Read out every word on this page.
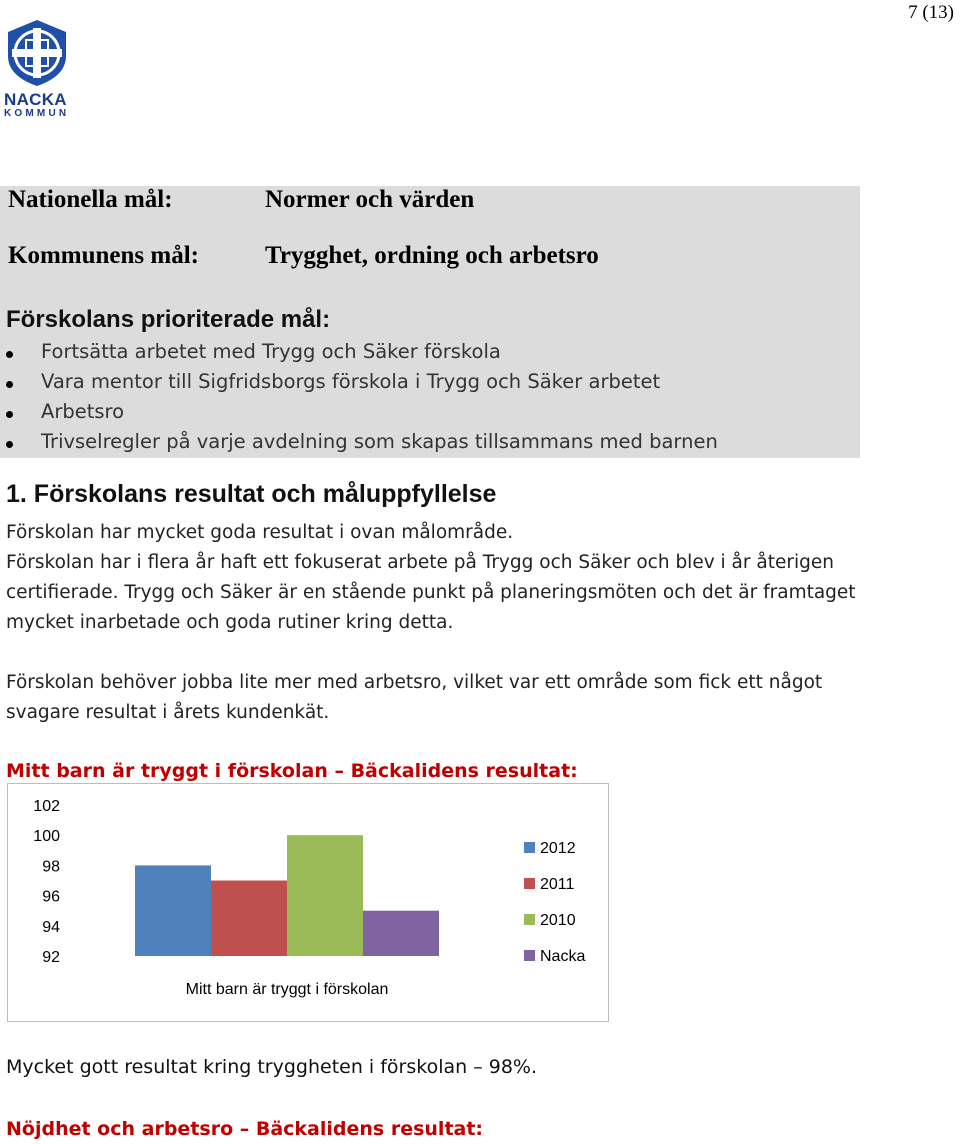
7 (13)
NACKA
KOMMUN
Nationella mål:	Normer och värden
Kommunens mål:	Trygghet, ordning och arbetsro
Förskolans prioriterade mål:
Fortsätta arbetet med Trygg och Säker förskola
Vara mentor till Sigfridsborgs förskola i Trygg och Säker arbetet
Arbetsro
Trivselregler på varje avdelning som skapas tillsammans med barnen
1. Förskolans resultat och måluppfyllelse
Förskolan har mycket goda resultat i ovan målområde.
Förskolan har i flera år haft ett fokuserat arbete på Trygg och Säker och blev i år återigen certifierade. Trygg och Säker är en stående punkt på planeringsmöten och det är framtaget mycket inarbetade och goda rutiner kring detta.
Förskolan behöver jobba lite mer med arbetsro, vilket var ett område som fick ett något svagare resultat i årets kundenkät.
Mitt barn är tryggt i förskolan – Bäckalidens resultat:
102
100
98
96
94
92
Mitt barn är tryggt i förskolan
2012
2011
2010
Nacka
Mycket gott resultat kring tryggheten i förskolan – 98%.
Nöjdhet och arbetsro – Bäckalidens resultat:
